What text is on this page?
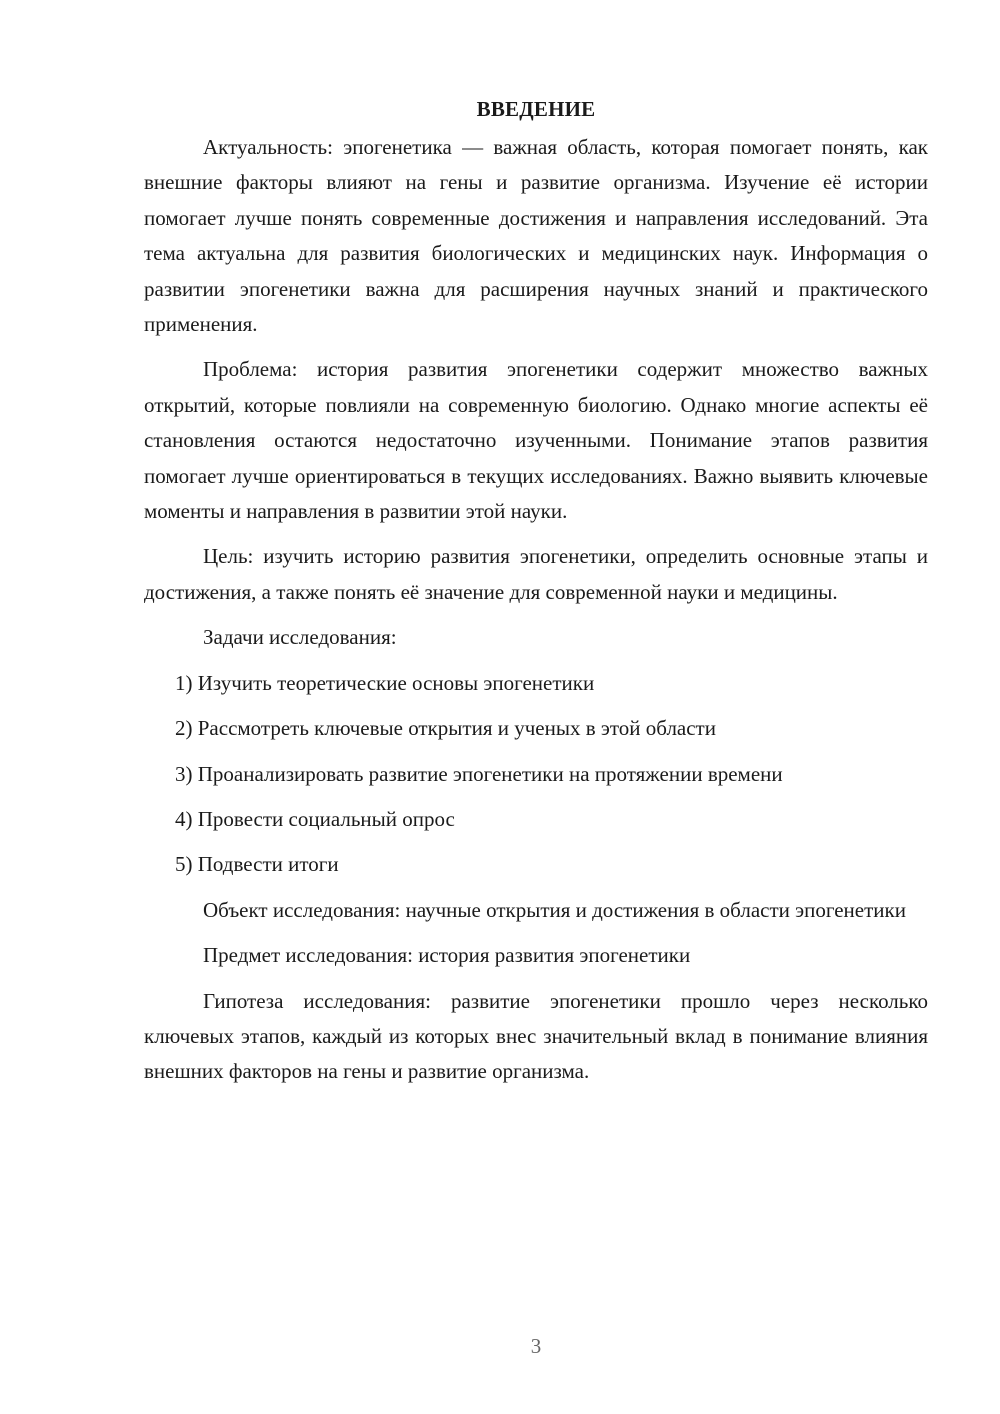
ВВЕДЕНИЕ

Актуальность: эпогенетика — важная область, которая помогает понять, как внешние факторы влияют на гены и развитие организма. Изучение её истории помогает лучше понять современные достижения и направления исследований. Эта тема актуальна для развития биологических и медицинских наук. Информация о развитии эпогенетики важна для расширения научных знаний и практического применения.

Проблема: история развития эпогенетики содержит множество важных открытий, которые повлияли на современную биологию. Однако многие аспекты её становления остаются недостаточно изученными. Понимание этапов развития помогает лучше ориентироваться в текущих исследованиях. Важно выявить ключевые моменты и направления в развитии этой науки.

Цель: изучить историю развития эпогенетики, определить основные этапы и достижения, а также понять её значение для современной науки и медицины.

Задачи исследования:

1) Изучить теоретические основы эпогенетики
2) Рассмотреть ключевые открытия и ученых в этой области
3) Проанализировать развитие эпогенетики на протяжении времени
4) Провести социальный опрос
5) Подвести итоги

Объект исследования: научные открытия и достижения в области эпогенетики

Предмет исследования: история развития эпогенетики

Гипотеза исследования: развитие эпогенетики прошло через несколько ключевых этапов, каждый из которых внес значительный вклад в понимание влияния внешних факторов на гены и развитие организма.

3
